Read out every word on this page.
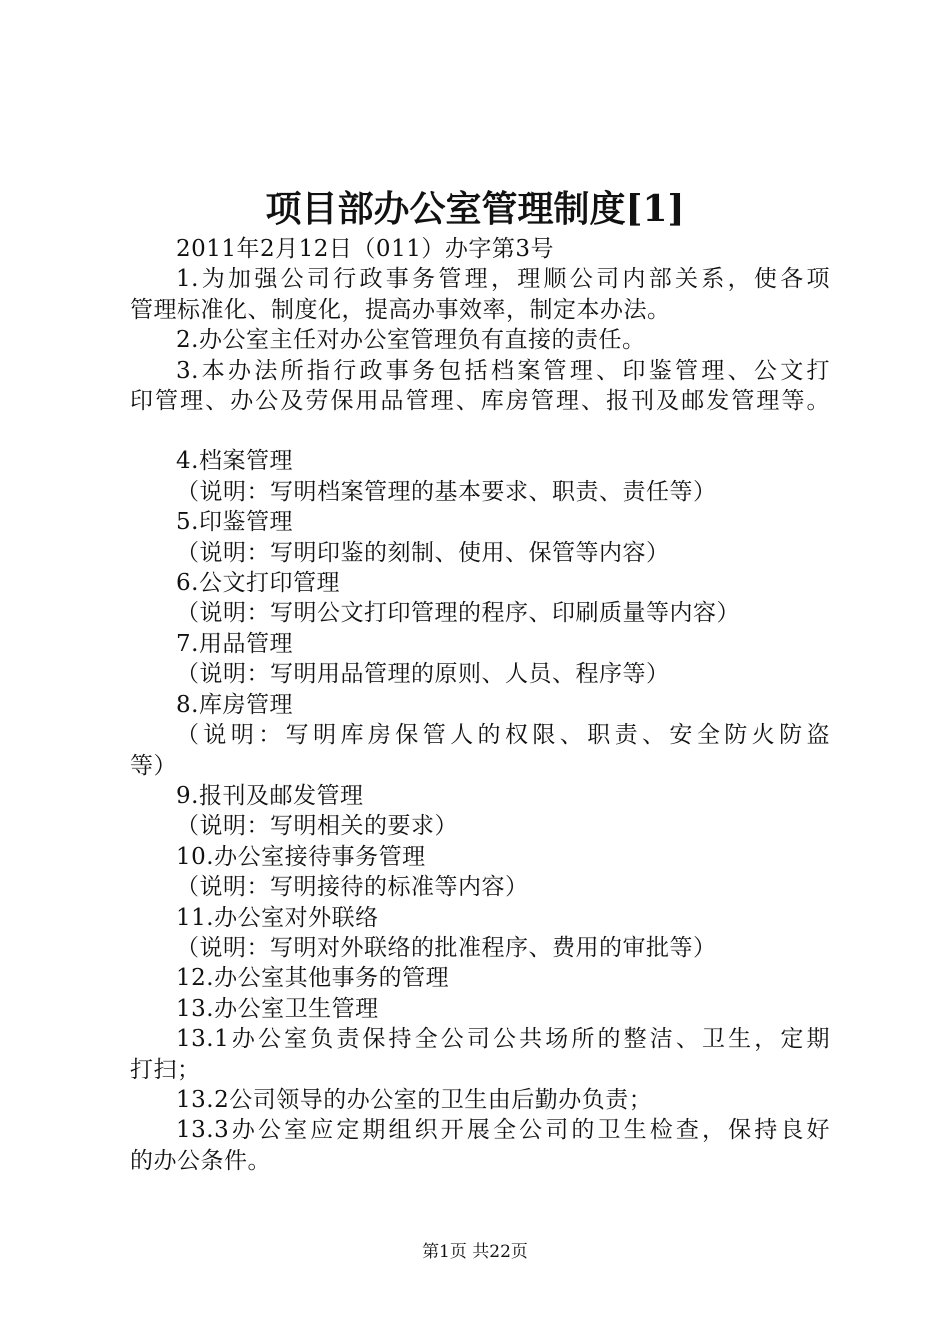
项目部办公室管理制度[1]
2011年2月12日（011）办字第3号
1.为加强公司行政事务管理，理顺公司内部关系，使各项
管理标准化、制度化，提高办事效率，制定本办法。
2.办公室主任对办公室管理负有直接的责任。
3.本办法所指行政事务包括档案管理、印鉴管理、公文打
印管理、办公及劳保用品管理、库房管理、报刊及邮发管理等。
4.档案管理
（说明：写明档案管理的基本要求、职责、责任等）
5.印鉴管理
（说明：写明印鉴的刻制、使用、保管等内容）
6.公文打印管理
（说明：写明公文打印管理的程序、印刷质量等内容）
7.用品管理
（说明：写明用品管理的原则、人员、程序等）
8.库房管理
（说明：写明库房保管人的权限、职责、安全防火防盗
等）
9.报刊及邮发管理
（说明：写明相关的要求）
10.办公室接待事务管理
（说明：写明接待的标准等内容）
11.办公室对外联络
（说明：写明对外联络的批准程序、费用的审批等）
12.办公室其他事务的管理
13.办公室卫生管理
13.1办公室负责保持全公司公共场所的整洁、卫生，定期
打扫；
13.2公司领导的办公室的卫生由后勤办负责；
13.3办公室应定期组织开展全公司的卫生检查，保持良好
的办公条件。
第1页 共22页
